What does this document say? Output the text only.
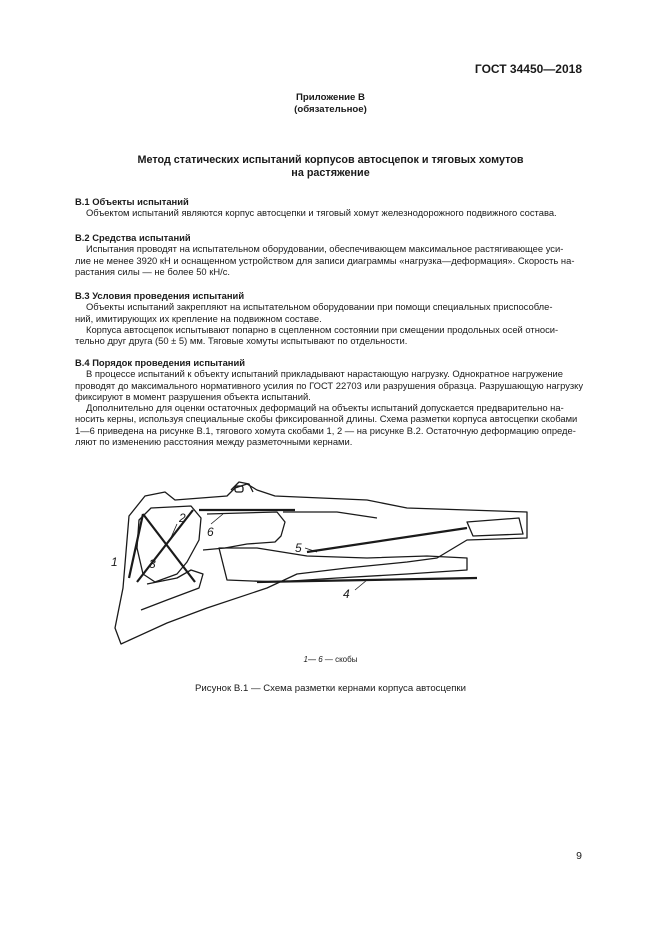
ГОСТ 34450—2018
Приложение В
(обязательное)
Метод статических испытаний корпусов автосцепок и тяговых хомутов
на растяжение

В.1 Объекты испытаний

Объектом испытаний являются корпус автосцепки и тяговый хомут железнодорожного подвижного состава.

В.2 Средства испытаний

Испытания проводят на испытательном оборудовании, обеспечивающем максимальное растягивающее уси-
лие не менее 3920 кН и оснащенном устройством для записи диаграммы «нагрузка—деформация». Скорость на-
растания силы — не более 50 кН/с.

В.3 Условия проведения испытаний

Объекты испытаний закрепляют на испытательном оборудовании при помощи специальных приспособле-
ний, имитирующих их крепление на подвижном составе.

Корпуса автосцепок испытывают попарно в сцепленном состоянии при смещении продольных осей относи-
тельно друг друга (50 ± 5) мм. Тяговые хомуты испытывают по отдельности.

В.4 Порядок проведения испытаний

В процессе испытаний к объекту испытаний прикладывают нарастающую нагрузку. Однократное нагружение
проводят до максимального нормативного усилия по ГОСТ 22703 или разрушения образца. Разрушающую нагрузку
фиксируют в момент разрушения объекта испытаний.

Дополнительно для оценки остаточных деформаций на объекты испытаний допускается предварительно на-
носить керны, используя специальные скобы фиксированной длины. Схема разметки корпуса автосцепки скобами
1—6 приведена на рисунке В.1, тягового хомута скобами 1, 2 — на рисунке В.2. Остаточную деформацию опреде-
ляют по изменению расстояния между разметочными кернами.

1
2
3
4
5
6
1— 6 — скобы
Рисунок В.1 — Схема разметки кернами корпуса автосцепки
9
